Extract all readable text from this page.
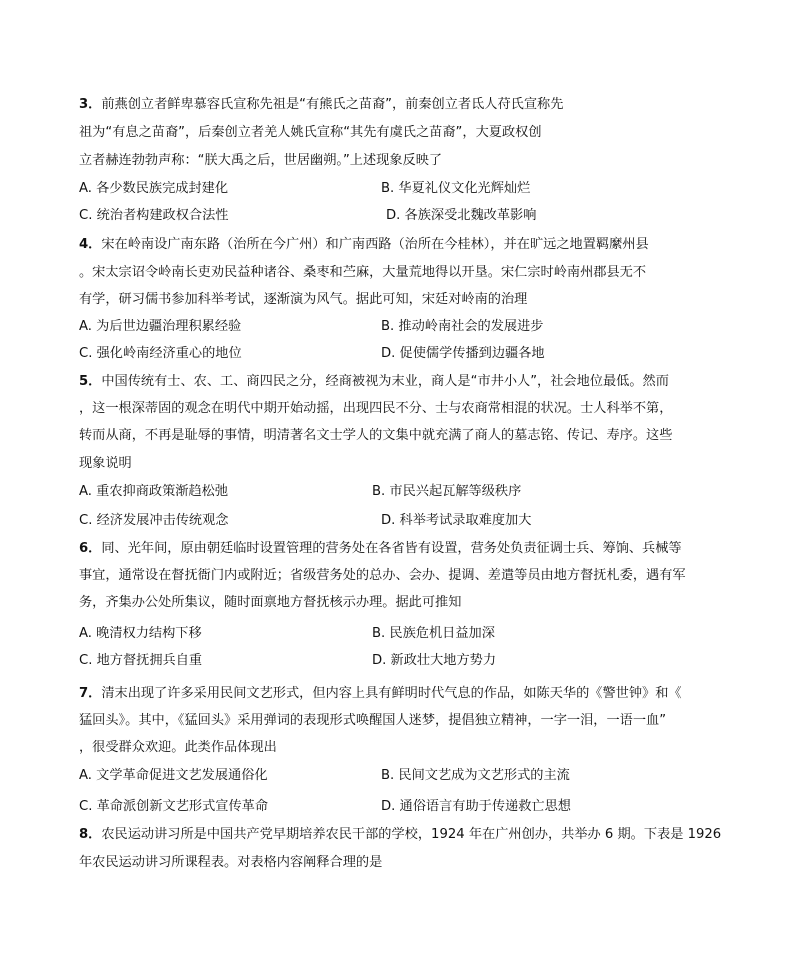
3．前燕创立者鲜卑慕容氏宣称先祖是“有熊氏之苗裔”，前秦创立者氐人苻氏宣称先
祖为“有息之苗裔”，后秦创立者羌人姚氏宣称“其先有虞氏之苗裔”，大夏政权创
立者赫连勃勃声称：“朕大禹之后，世居幽朔。”上述现象反映了
A. 各少数民族完成封建化	B. 华夏礼仪文化光辉灿烂
C. 统治者构建政权合法性	D. 各族深受北魏改革影响
4．宋在岭南设广南东路（治所在今广州）和广南西路（治所在今桂林），并在旷远之地置羁縻州县
。宋太宗诏令岭南长吏劝民益种诸谷、桑枣和苎麻，大量荒地得以开垦。宋仁宗时岭南州郡县无不
有学，研习儒书参加科举考试，逐渐演为风气。据此可知，宋廷对岭南的治理
A. 为后世边疆治理积累经验	B. 推动岭南社会的发展进步
C. 强化岭南经济重心的地位	D. 促使儒学传播到边疆各地
5．中国传统有士、农、工、商四民之分，经商被视为末业，商人是“市井小人”，社会地位最低。然而
，这一根深蒂固的观念在明代中期开始动摇，出现四民不分、士与农商常相混的状况。士人科举不第，
转而从商，不再是耻辱的事情，明清著名文士学人的文集中就充满了商人的墓志铭、传记、寿序。这些
现象说明
A. 重农抑商政策渐趋松弛	B. 市民兴起瓦解等级秩序
C. 经济发展冲击传统观念	D. 科举考试录取难度加大
6．同、光年间，原由朝廷临时设置管理的营务处在各省皆有设置，营务处负责征调士兵、筹饷、兵械等
事宜，通常设在督抚衙门内或附近；省级营务处的总办、会办、提调、差遣等员由地方督抚札委，遇有军
务，齐集办公处所集议，随时面禀地方督抚核示办理。据此可推知
A. 晚清权力结构下移	B. 民族危机日益加深
C. 地方督抚拥兵自重	D. 新政壮大地方势力
7．清末出现了许多采用民间文艺形式，但内容上具有鲜明时代气息的作品，如陈天华的《警世钟》和《
猛回头》。其中，《猛回头》采用弹词的表现形式唤醒国人迷梦，提倡独立精神，一字一泪，一语一血”
，很受群众欢迎。此类作品体现出
A. 文学革命促进文艺发展通俗化	B. 民间文艺成为文艺形式的主流
C. 革命派创新文艺形式宣传革命	D. 通俗语言有助于传递救亡思想
8．农民运动讲习所是中国共产党早期培养农民干部的学校，1924 年在广州创办，共举办 6 期。下表是 1926
年农民运动讲习所课程表。对表格内容阐释合理的是
